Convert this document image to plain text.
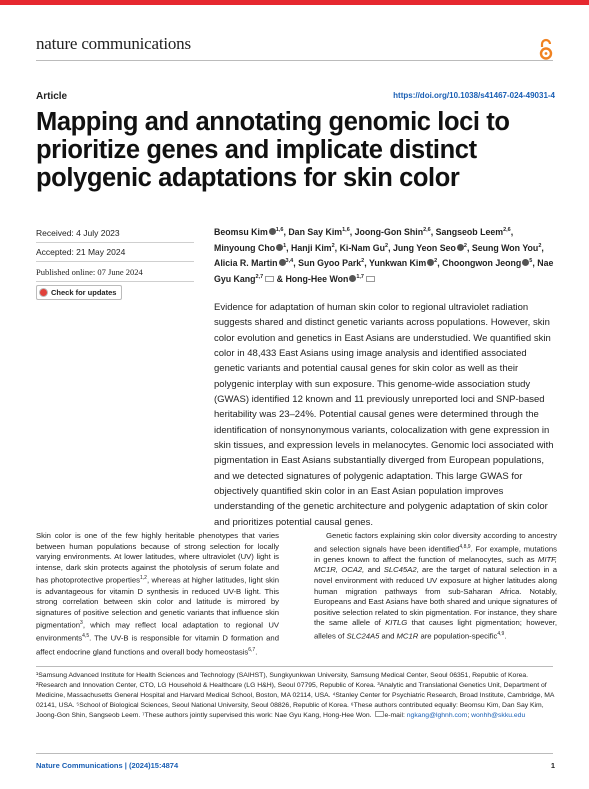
nature communications
Article	https://doi.org/10.1038/s41467-024-49031-4
Mapping and annotating genomic loci to prioritize genes and implicate distinct polygenic adaptations for skin color
Received: 4 July 2023
Accepted: 21 May 2024
Published online: 07 June 2024
Check for updates
Beomsu Kim $^{1,6}$, Dan Say Kim$^{1,6}$, Joong-Gon Shin$^{2,6}$, Sangseob Leem$^{2,6}$, Minyoung Cho $^1$, Hanji Kim$^2$, Ki-Nam Gu$^2$, Jung Yeon Seo $^2$, Seung Won You$^2$, Alicia R. Martin $^{3,4}$, Sun Gyoo Park$^2$, Yunkwan Kim $^2$, Choongwon Jeong $^5$, Nae Gyu Kang$^{2,7}$ & Hong-Hee Won $^{1,7}$
Evidence for adaptation of human skin color to regional ultraviolet radiation suggests shared and distinct genetic variants across populations. However, skin color evolution and genetics in East Asians are understudied. We quantified skin color in 48,433 East Asians using image analysis and identified associated genetic variants and potential causal genes for skin color as well as their polygenic interplay with sun exposure. This genome-wide association study (GWAS) identified 12 known and 11 previously unreported loci and SNP-based heritability was 23–24%. Potential causal genes were determined through the identification of nonsynonymous variants, colocalization with gene expression in skin tissues, and expression levels in melanocytes. Genomic loci associated with pigmentation in East Asians substantially diverged from European populations, and we detected signatures of polygenic adaptation. This large GWAS for objectively quantified skin color in an East Asian population improves understanding of the genetic architecture and polygenic adaptation of skin color and prioritizes potential causal genes.
Skin color is one of the few highly heritable phenotypes that varies between human populations because of strong selection for locally varying environments. At lower latitudes, where ultraviolet (UV) light is intense, dark skin protects against the photolysis of serum folate and has photoprotective properties$^{1,2}$, whereas at higher latitudes, light skin is advantageous for vitamin D synthesis in reduced UV-B light. This strong correlation between skin color and latitude is mirrored by signatures of positive selection and genetic variants that influence skin pigmentation$^3$, which may reflect local adaptation to regional UV environments$^{4,5}$. The UV-B is responsible for vitamin D formation and affect endocrine gland functions and overall body homeostasis$^{6,7}$.
Genetic factors explaining skin color diversity according to ancestry and selection signals have been identified$^{4,8,9}$. For example, mutations in genes known to affect the function of melanocytes, such as MITF, MC1R, OCA2, and SLC45A2, are the target of natural selection in a novel environment with reduced UV exposure at higher latitudes along human migration pathways from sub-Saharan Africa. Notably, Europeans and East Asians have both shared and unique signatures of positive selection related to skin pigmentation. For instance, they share the same allele of KITLG that causes light pigmentation; however, alleles of SLC24A5 and MC1R are population-specific$^{4,9}$.
¹Samsung Advanced Institute for Health Sciences and Technology (SAIHST), Sungkyunkwan University, Samsung Medical Center, Seoul 06351, Republic of Korea. ²Research and Innovation Center, CTO, LG Household & Healthcare (LG H&H), Seoul 07795, Republic of Korea. ³Analytic and Translational Genetics Unit, Department of Medicine, Massachusetts General Hospital and Harvard Medical School, Boston, MA 02114, USA. ⁴Stanley Center for Psychiatric Research, Broad Institute, Cambridge, MA 02141, USA. ⁵School of Biological Sciences, Seoul National University, Seoul 08826, Republic of Korea. ⁶These authors contributed equally: Beomsu Kim, Dan Say Kim, Joong-Gon Shin, Sangseob Leem. ⁷These authors jointly supervised this work: Nae Gyu Kang, Hong-Hee Won. e-mail: ngkang@lghnh.com; wonhh@skku.edu
Nature Communications | (2024)15:4874	1
